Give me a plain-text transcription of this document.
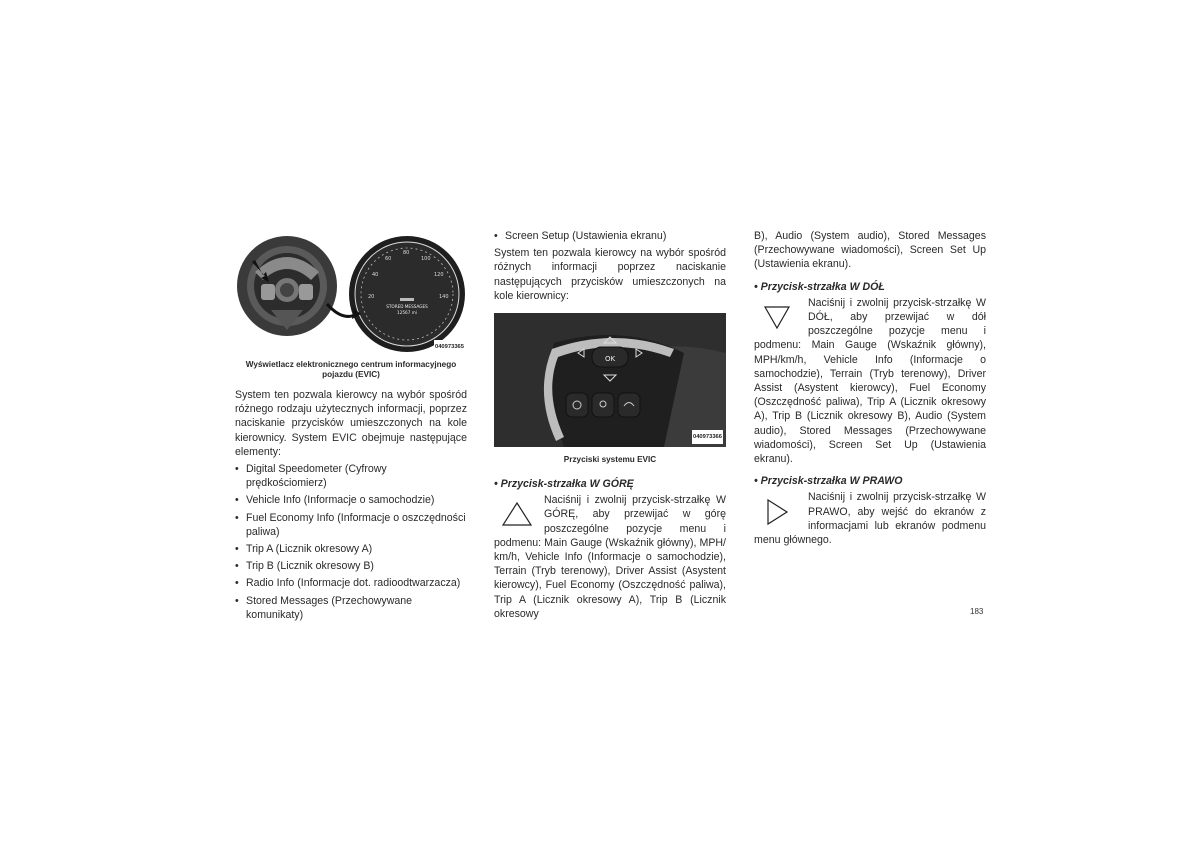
20
40
60
80
100
120
140
STORED MESSAGES
12567 mi
040973365
Wyświetlacz elektronicznego centrum informacyjnego pojazdu (EVIC)

System ten pozwala kierowcy na wybór spośród różnego rodzaju użytecznych informacji, poprzez naciskanie przycisków umieszczonych na kole kierownicy. System EVIC obejmuje następujące elementy:

• Digital Speedometer (Cyfrowy prędkościomierz)
• Vehicle Info (Informacje o samochodzie)
• Fuel Economy Info (Informacje o oszczędności paliwa)
• Trip A (Licznik okresowy A)
• Trip B (Licznik okresowy B)
• Radio Info (Informacje dot. radioodtwarzacza)
• Stored Messages (Przechowywane komunikaty)
• Screen Setup (Ustawienia ekranu)

System ten pozwala kierowcy na wybór spośród różnych informacji poprzez naciskanie następujących przycisków umieszczonych na kole kierownicy:

OK
040973366
Przyciski systemu EVIC
• Przycisk-strzałka W GÓRĘ

Naciśnij i zwolnij przycisk-strzałkę W GÓRĘ, aby przewijać w górę poszczególne pozycje menu i podmenu: Main Gauge (Wskaźnik główny), MPH/ km/h, Vehicle Info (Informacje o samochodzie), Terrain (Tryb terenowy), Driver Assist (Asystent kierowcy), Fuel Economy (Oszczędność paliwa), Trip A (Licznik okresowy A), Trip B (Licznik okresowy

B), Audio (System audio), Stored Messages (Przechowywane wiadomości), Screen Set Up (Ustawienia ekranu).

• Przycisk-strzałka W DÓŁ

Naciśnij i zwolnij przycisk-strzałkę W DÓŁ, aby przewijać w dół poszczególne pozycje menu i podmenu: Main Gauge (Wskaźnik główny), MPH/km/h, Vehicle Info (Informacje o samochodzie), Terrain (Tryb terenowy), Driver Assist (Asystent kierowcy), Fuel Economy (Oszczędność paliwa), Trip A (Licznik okresowy A), Trip B (Licznik okresowy B), Audio (System audio), Stored Messages (Przechowywane wiadomości), Screen Set Up (Ustawienia ekranu).

• Przycisk-strzałka W PRAWO

Naciśnij i zwolnij przycisk-strzałkę W PRAWO, aby wejść do ekranów z informacjami lub ekranów podmenu menu głównego.

183
